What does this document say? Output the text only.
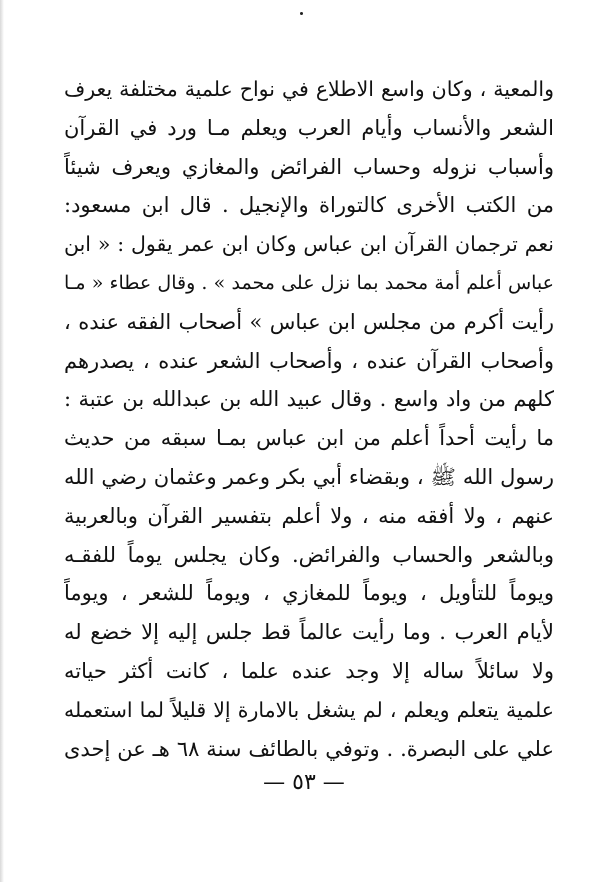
والمعية ، وكان واسع الاطلاع في نواح علمية مختلفة يعرف
الشعر والأنساب وأيام العرب ويعلم مـا ورد في القرآن
وأسباب نزوله وحساب الفرائض والمغازي ويعرف شيئاً
من الكتب الأخرى كالتوراة والإنجيل . قال ابن مسعود:
نعم ترجمان القرآن ابن عباس وكان ابن عمر يقول : « ابن
عباس أعلم أمة محمد بما نزل على محمد » . وقال عطاء « مـا
رأيت أكرم من مجلس ابن عباس » أصحاب الفقه عنده ،
وأصحاب القرآن عنده ، وأصحاب الشعر عنده ، يصدرهم
كلهم من واد واسع . وقال عبيد الله بن عبدالله بن عتبة :
ما رأيت أحداً أعلم من ابن عباس بمـا سبقه من حديث
رسول الله ﷺ ، وبقضاء أبي بكر وعمر وعثمان رضي الله
عنهم ، ولا أفقه منه ، ولا أعلم بتفسير القرآن وبالعربية
وبالشعر والحساب والفرائض. وكان يجلس يوماً للفقـه
ويوماً للتأويل ، ويوماً للمغازي ، ويوماً للشعر ، ويوماً
لأيام العرب . وما رأيت عالماً قط جلس إليه إلا خضع له
ولا سائلاً ساله إلا وجد عنده علما ، كانت أكثر حياته
علمية يتعلم ويعلم ، لم يشغل بالامارة إلا قليلاً لما استعمله
علي على البصرة. . وتوفي بالطائف سنة ٦٨ هـ عن إحدى
— ٥٣ —
